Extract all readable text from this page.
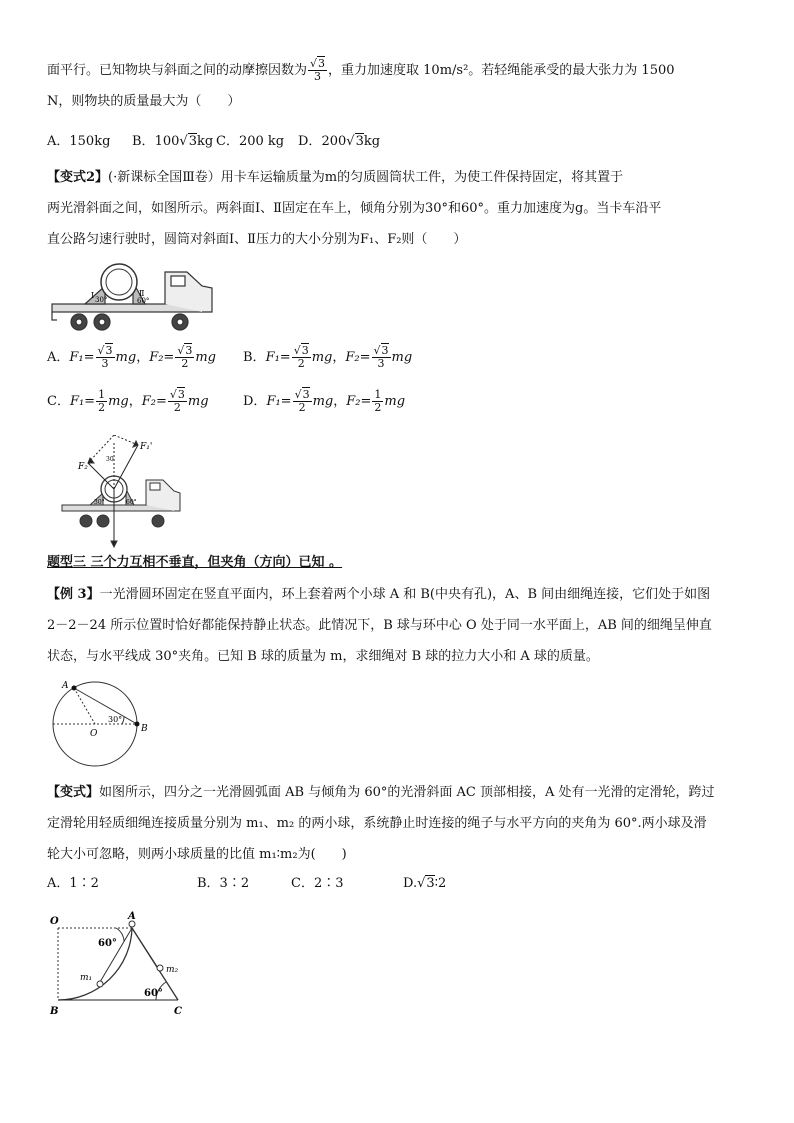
面平行。已知物块与斜面之间的动摩擦因数为 $\frac{√3}{3}$ ，重力加速度取 10m/s²。若轻绳能承受的最大张力为 1500
N，则物块的质量最大为（　　）
A．150kg B．100√3kg C．200 kg D．200√3kg
【变式2】(·新课标全国Ⅲ卷）用卡车运输质量为m的匀质圆筒状工件，为使工件保持固定，将其置于
两光滑斜面之间，如图所示。两斜面Ⅰ、Ⅱ固定在车上，倾角分别为30°和60°。重力加速度为g。当卡车沿平
直公路匀速行驶时，圆筒对斜面Ⅰ、Ⅱ压力的大小分别为F₁、F₂则（　　）
Ⅰ	Ⅱ
30°	60°
A．$F_1= \frac{√3}{3}$ mg，$F_2= \frac{√3}{2}$ mg B．$F_1= \frac{√3}{2}$ mg，$F_2= \frac{√3}{3}$ mg
C．$F_1= \frac{1}{2}$ mg，$F_2= \frac{√3}{2}$ mg	D．$F_1= \frac{√3}{2}$ mg，$F_2= \frac{1}{2}$ mg
F₁'
F₂'
30
30°	60°
题型三 三个力互相不垂直，但夹角（方向）已知 。
【例 3】一光滑圆环固定在竖直平面内，环上套着两个小球 A 和 B(中央有孔)，A、B 间由细绳连接，它们处于如图
2－2－24 所示位置时恰好都能保持静止状态。此情况下，B 球与环中心 O 处于同一水平面上，AB 间的细绳呈伸直
状态，与水平线成 30°夹角。已知 B 球的质量为 m，求细绳对 B 球的拉力大小和 A 球的质量。
A
B
O
30°
【变式】如图所示，四分之一光滑圆弧面 AB 与倾角为 60°的光滑斜面 AC 顶部相接，A 处有一光滑的定滑轮，跨过
定滑轮用轻质细绳连接质量分别为 m₁、m₂ 的两小球，系统静止时连接的绳子与水平方向的夹角为 60°.两小球及滑
轮大小可忽略，则两小球质量的比值 m₁∶m₂为(　　)
A．1∶2	B．3∶2	C．2∶3	D.√3∶2
O	A
B	C
m₁
m₂
60°
60°
